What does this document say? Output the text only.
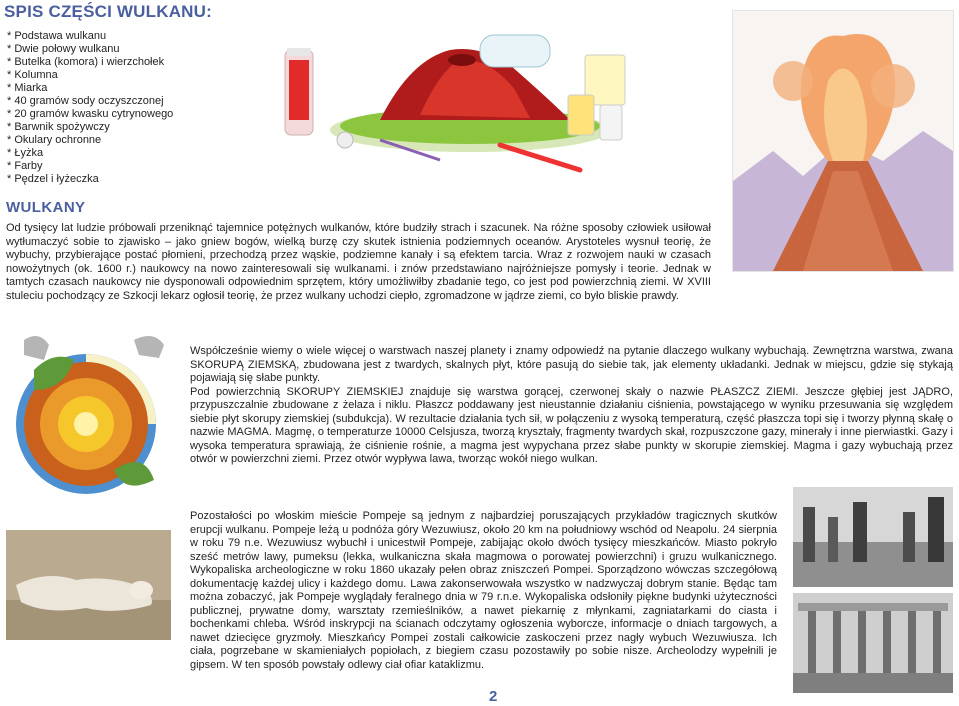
SPIS CZĘŚCI WULKANU:
* Podstawa wulkanu
* Dwie połowy wulkanu
* Butelka (komora) i wierzchołek
* Kolumna
* Miarka
* 40 gramów sody oczyszczonej
* 20 gramów kwasku cytrynowego
* Barwnik spożywczy
* Okulary ochronne
* Łyżka
* Farby
* Pędzel i łyżeczka
WULKANY

Od tysięcy lat ludzie próbowali przeniknąć tajemnice potężnych wulkanów, które budziły strach i szacunek. Na różne sposoby człowiek usiłował wytłumaczyć sobie to zjawisko – jako gniew bogów, wielką burzę czy skutek istnienia podziemnych oceanów. Arystoteles wysnuł teorię, że wybuchy, przybierające postać płomieni, przechodzą przez wąskie, podziemne kanały i są efektem tarcia. Wraz z rozwojem nauki w czasach nowożytnych (ok. 1600 r.) naukowcy na nowo zainteresowali się wulkanami. i znów przedstawiano najróżniejsze pomysły i teorie. Jednak w tamtych czasach naukowcy nie dysponowali odpowiednim sprzętem, który umożliwiłby zbadanie tego, co jest pod powierzchnią ziemi. W XVIII stuleciu pochodzący ze Szkocji lekarz ogłosił teorię, że przez wulkany uchodzi ciepło, zgromadzone w jądrze ziemi, co było bliskie prawdy.

Współcześnie wiemy o wiele więcej o warstwach naszej planety i znamy odpowiedź na pytanie dlaczego wulkany wybuchają. Zewnętrzna warstwa, zwana SKORUPĄ ZIEMSKĄ, zbudowana jest z twardych, skalnych płyt, które pasują do siebie tak, jak elementy układanki. Jednak w miejscu, gdzie się stykają pojawiają się słabe punkty.
Pod powierzchnią SKORUPY ZIEMSKIEJ znajduje się warstwa gorącej, czerwonej skały o nazwie PŁASZCZ ZIEMI. Jeszcze głębiej jest JĄDRO, przypuszczalnie zbudowane z żelaza i niklu. Płaszcz poddawany jest nieustannie działaniu ciśnienia, powstającego w wyniku przesuwania się względem siebie płyt skorupy ziemskiej (subdukcja). W rezultacie działania tych sił, w połączeniu z wysoką temperaturą, część płaszcza topi się i tworzy płynną skałę o nazwie MAGMA. Magmę, o temperaturze 10000 Celsjusza, tworzą kryształy, fragmenty twardych skał, rozpuszczone gazy, minerały i inne pierwiastki. Gazy i wysoka temperatura sprawiają, że ciśnienie rośnie, a magma jest wypychana przez słabe punkty w skorupie ziemskiej. Magma i gazy wybuchają przez otwór w powierzchni ziemi. Przez otwór wypływa lawa, tworząc wokół niego wulkan.

Pozostałości po włoskim mieście Pompeje są jednym z najbardziej poruszających przykładów tragicznych skutków erupcji wulkanu. Pompeje leżą u podnóża góry Wezuwiusz, około 20 km na południowy wschód od Neapolu. 24 sierpnia w roku 79 n.e. Wezuwiusz wybuchł i unicestwił Pompeje, zabijając około dwóch tysięcy mieszkańców. Miasto pokryło sześć metrów lawy, pumeksu (lekka, wulkaniczna skała magmowa o porowatej powierzchni) i gruzu wulkanicznego. Wykopaliska archeologiczne w roku 1860 ukazały pełen obraz zniszczeń Pompei. Sporządzono wówczas szczegółową dokumentację każdej ulicy i każdego domu. Lawa zakonserwowała wszystko w nadzwyczaj dobrym stanie. Będąc tam można zobaczyć, jak Pompeje wyglądały feralnego dnia w 79 r.n.e. Wykopaliska odsłoniły piękne budynki użyteczności publicznej, prywatne domy, warsztaty rzemieślników, a nawet piekarnię z młynkami, zagniatarkami do ciasta i bochenkami chleba. Wśród inskrypcji na ścianach odczytamy ogłoszenia wyborcze, informacje o dniach targowych, a nawet dziecięce gryzmoły. Mieszkańcy Pompei zostali całkowicie zaskoczeni przez nagły wybuch Wezuwiusza. Ich ciała, pogrzebane w skamieniałych popiołach, z biegiem czasu pozostawiły po sobie nisze. Archeolodzy wypełnili je gipsem. W ten sposób powstały odlewy ciał ofiar kataklizmu.

2
